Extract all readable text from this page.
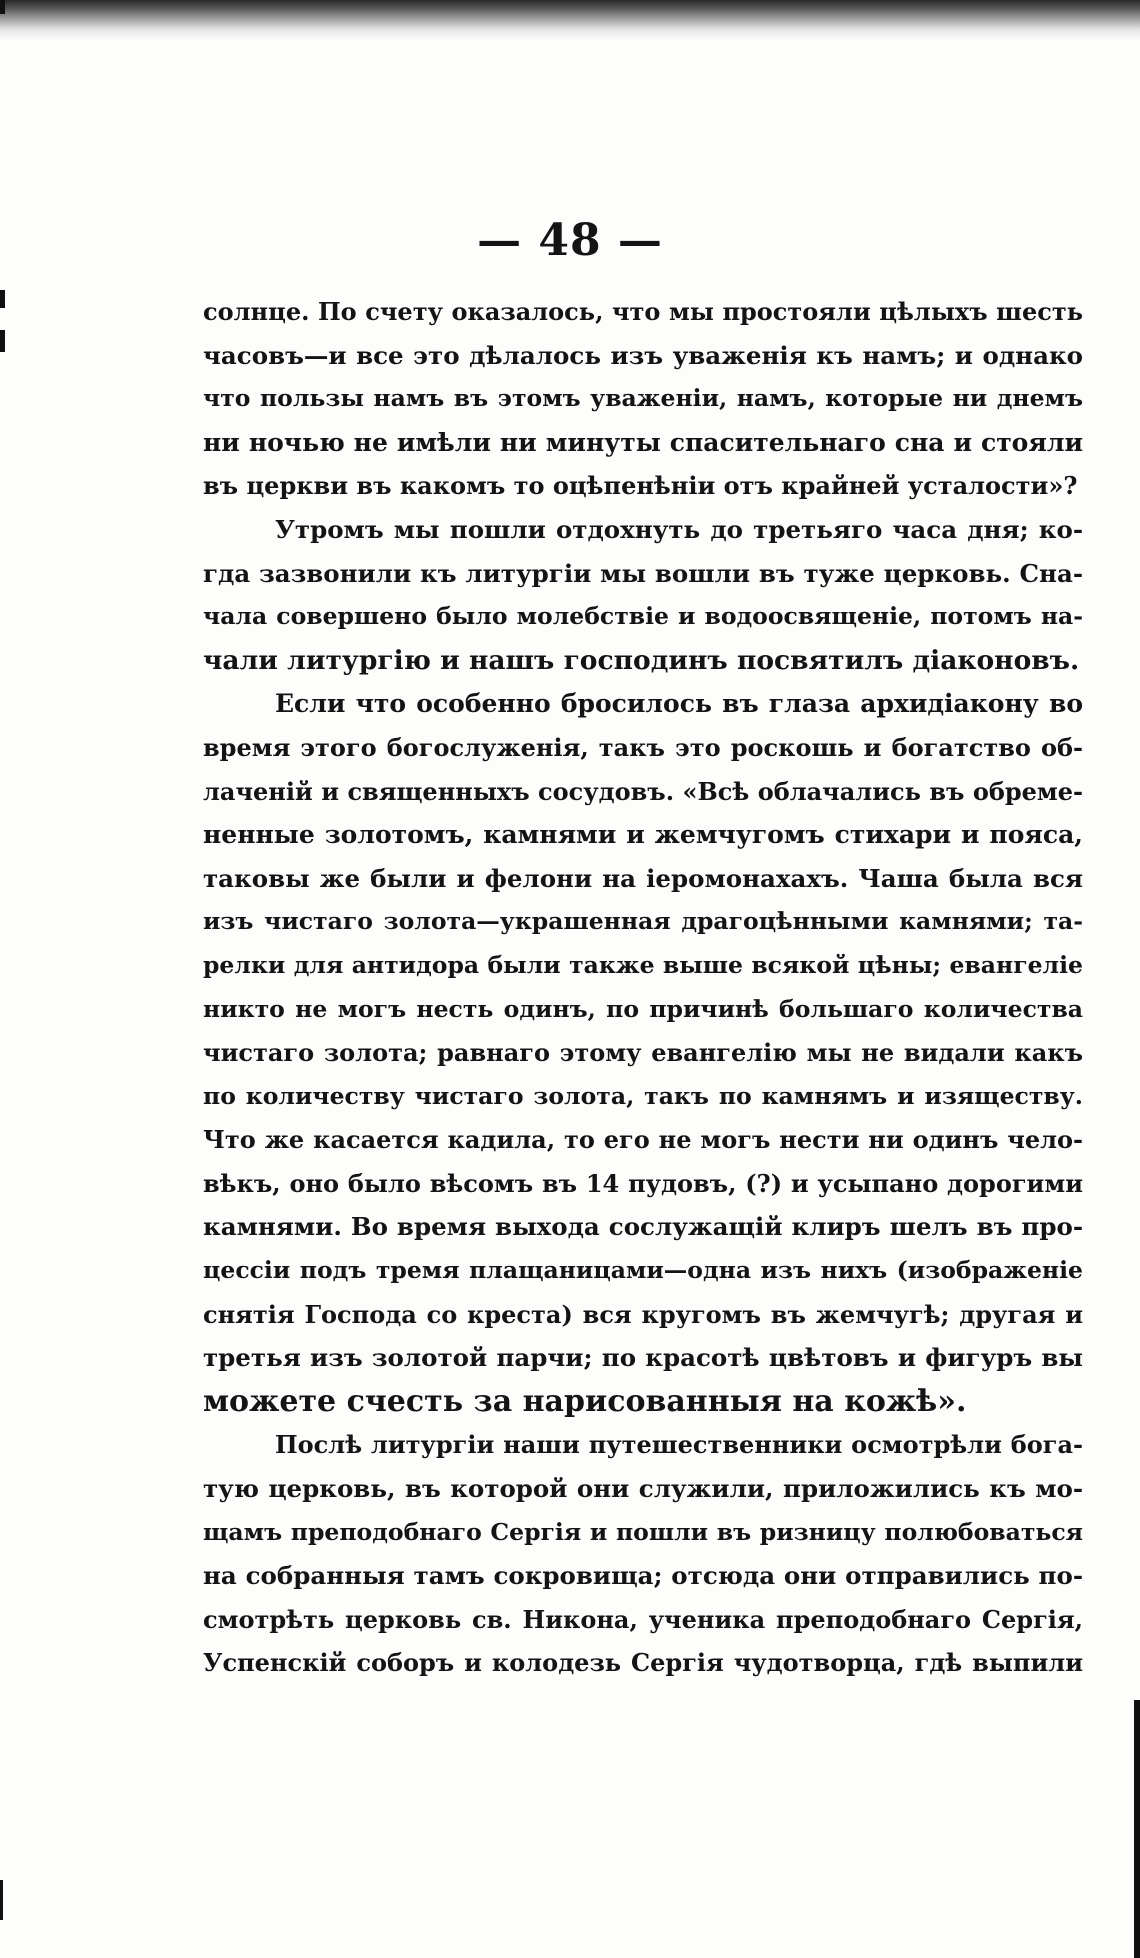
— 48 —
солнце. По счету оказалось, что мы простояли цѣлыхъ шесть
часовъ—и все это дѣлалось изъ уваженія къ намъ; и однако
что пользы намъ въ этомъ уваженіи, намъ, которые ни днемъ
ни ночью не имѣли ни минуты спасительнаго сна и стояли
въ церкви въ какомъ то оцѣпенѣніи отъ крайней усталости»?
Утромъ мы пошли отдохнуть до третьяго часа дня; ко-
гда зазвонили къ литургіи мы вошли въ туже церковь. Сна-
чала совершено было молебствіе и водоосвященіе, потомъ на-
чали литургію и нашъ господинъ посвятилъ діаконовъ.
Если что особенно бросилось въ глаза архидіакону во
время этого богослуженія, такъ это роскошь и богатство об-
лаченій и священныхъ сосудовъ. «Всѣ облачались въ обреме-
ненные золотомъ, камнями и жемчугомъ стихари и пояса,
таковы же были и фелони на іеромонахахъ. Чаша была вся
изъ чистаго золота—украшенная драгоцѣнными камнями; та-
релки для антидора были также выше всякой цѣны; евангеліе
никто не могъ несть одинъ, по причинѣ большаго количества
чистаго золота; равнаго этому евангелію мы не видали какъ
по количеству чистаго золота, такъ по камнямъ и изяществу.
Что же касается кадила, то его не могъ нести ни одинъ чело-
вѣкъ, оно было вѣсомъ въ 14 пудовъ, (?) и усыпано дорогими
камнями. Во время выхода сослужащій клиръ шелъ въ про-
цессіи подъ тремя плащаницами—одна изъ нихъ (изображеніе
снятія Господа со креста) вся кругомъ въ жемчугѣ; другая и
третья изъ золотой парчи; по красотѣ цвѣтовъ и фигуръ вы
можете счесть за нарисованныя на кожѣ».
Послѣ литургіи наши путешественники осмотрѣли бога-
тую церковь, въ которой они служили, приложились къ мо-
щамъ преподобнаго Сергія и пошли въ ризницу полюбоваться
на собранныя тамъ сокровища; отсюда они отправились по-
смотрѣть церковь св. Никона, ученика преподобнаго Сергія,
Успенскій соборъ и колодезь Сергія чудотворца, гдѣ выпили
